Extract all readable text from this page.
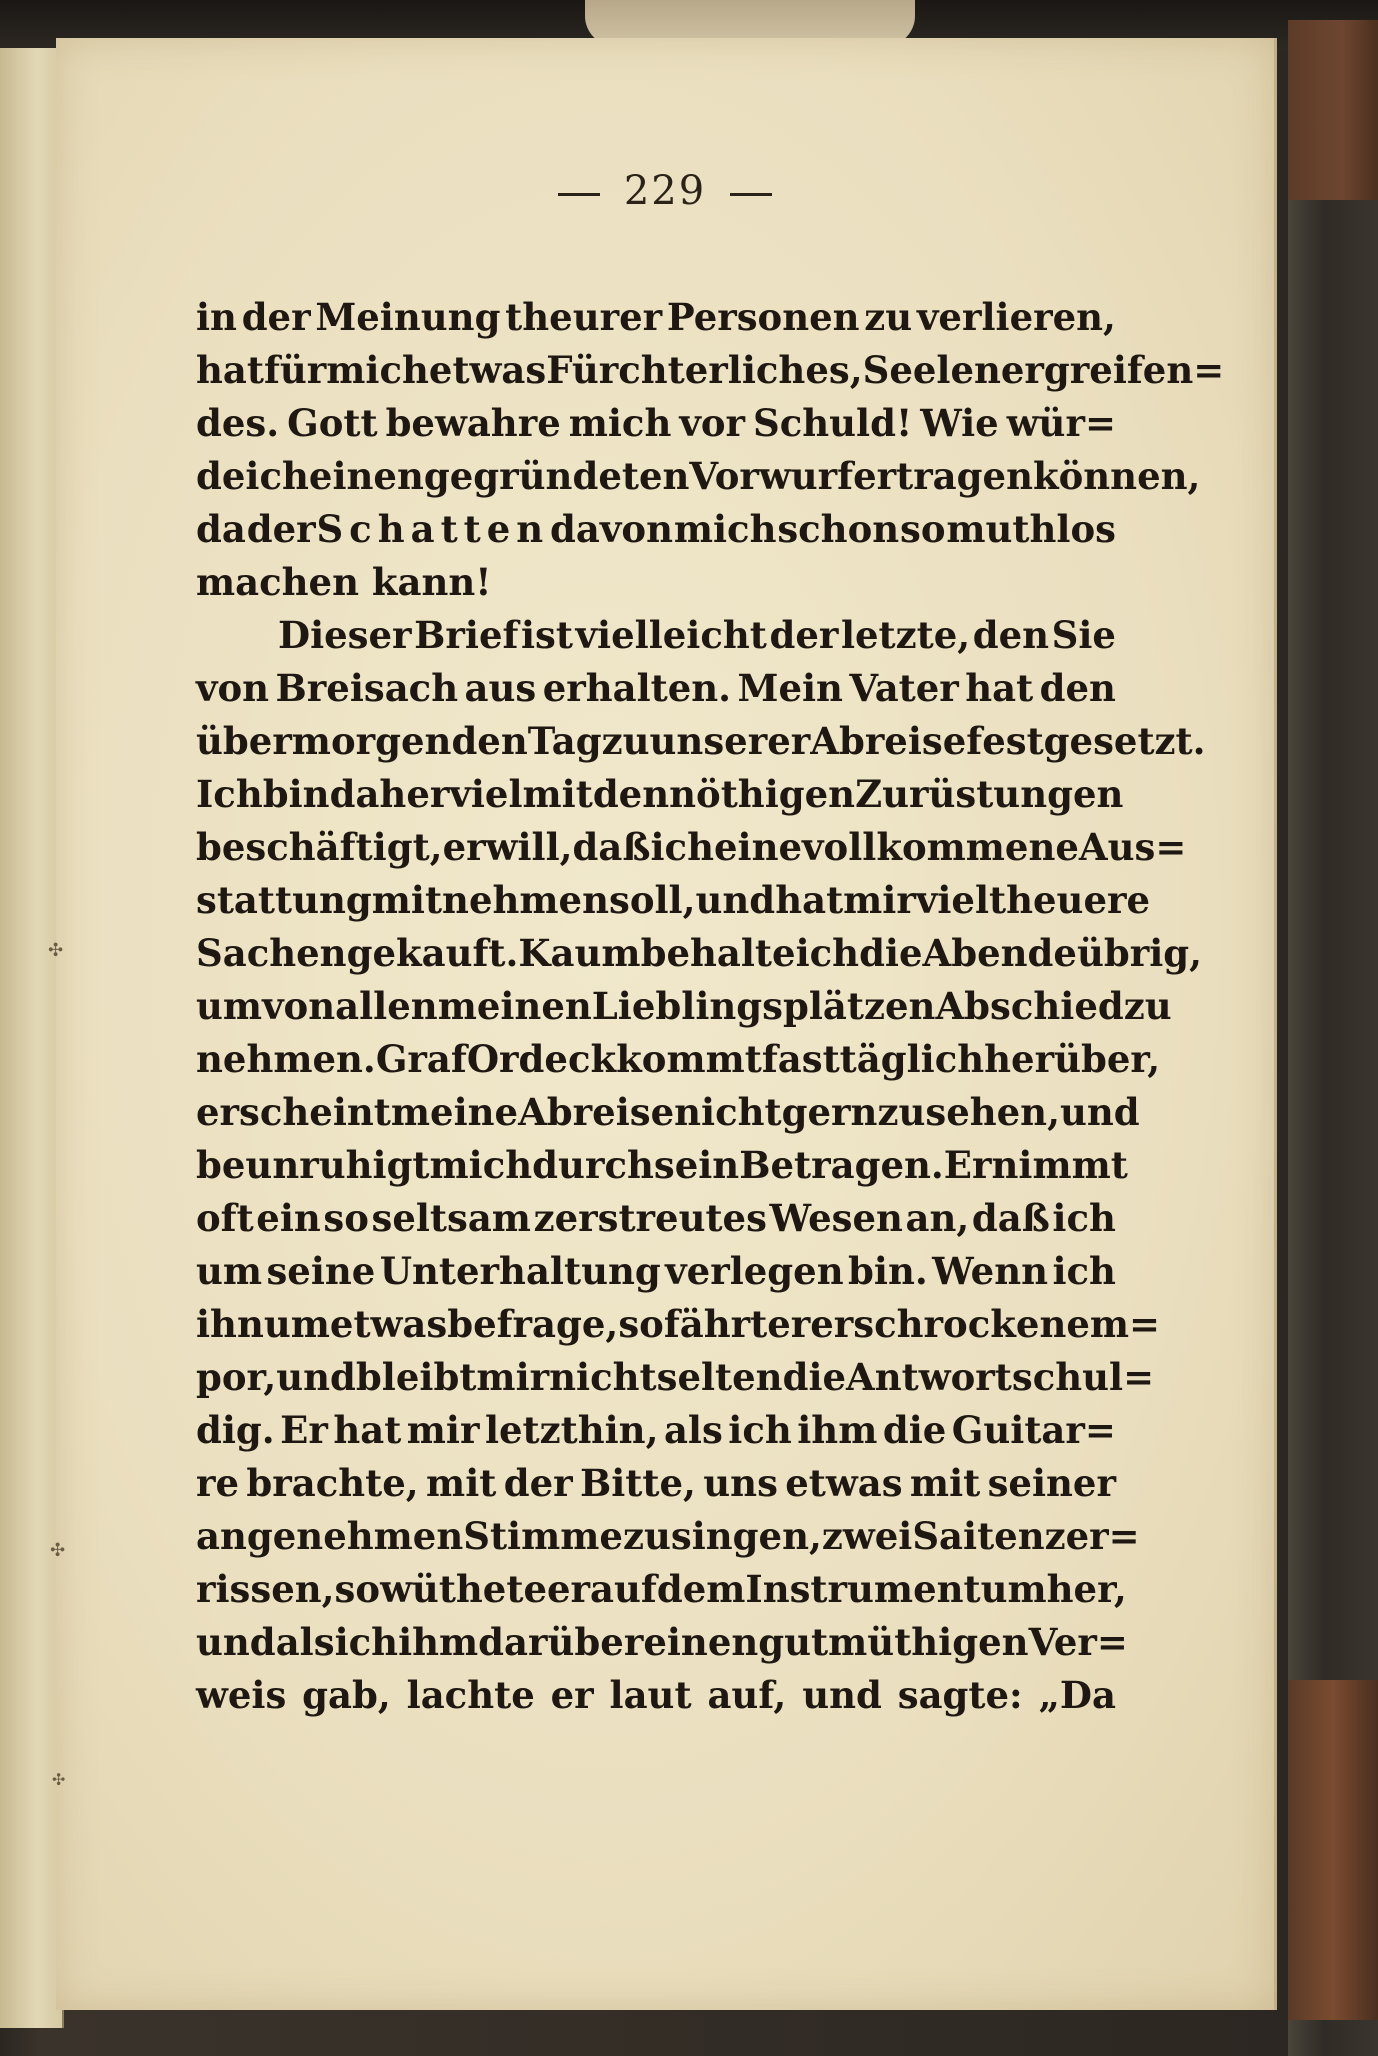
229
in der Meinung theurer Personen zu verlieren,
hat für mich etwas Fürchterliches, Seelenergreifen=
des. Gott bewahre mich vor Schuld! Wie wür=
de ich einen gegründeten Vorwurf ertragen können,
da der Schatten davon mich schon so muthlos
machen kann!
Dieser Brief ist vielleicht der letzte, den Sie
von Breisach aus erhalten. Mein Vater hat den
übermorgenden Tag zu unserer Abreise festgesetzt.
Ich bin daher viel mit den nöthigen Zurüstungen
beschäftigt, er will, daß ich eine vollkommene Aus=
stattung mitnehmen soll, und hat mir viel theuere
Sachen gekauft. Kaum behalte ich die Abende übrig,
um von allen meinen Lieblingsplätzen Abschied zu
nehmen. Graf Ordeck kommt fast täglich herüber,
er scheint meine Abreise nicht gern zu sehen, und
beunruhigt mich durch sein Betragen. Er nimmt
oft ein so seltsam zerstreutes Wesen an, daß ich
um seine Unterhaltung verlegen bin. Wenn ich
ihn um etwas befrage, so fährt er erschrocken em=
por, und bleibt mir nicht selten die Antwort schul=
dig. Er hat mir letzthin, als ich ihm die Guitar=
re brachte, mit der Bitte, uns etwas mit seiner
angenehmen Stimme zu singen, zwei Saiten zer=
rissen, so wüthete er auf dem Instrument umher,
und als ich ihm darüber einen gutmüthigen Ver=
weis gab, lachte er laut auf, und sagte: „Da
✣
✣
✣
